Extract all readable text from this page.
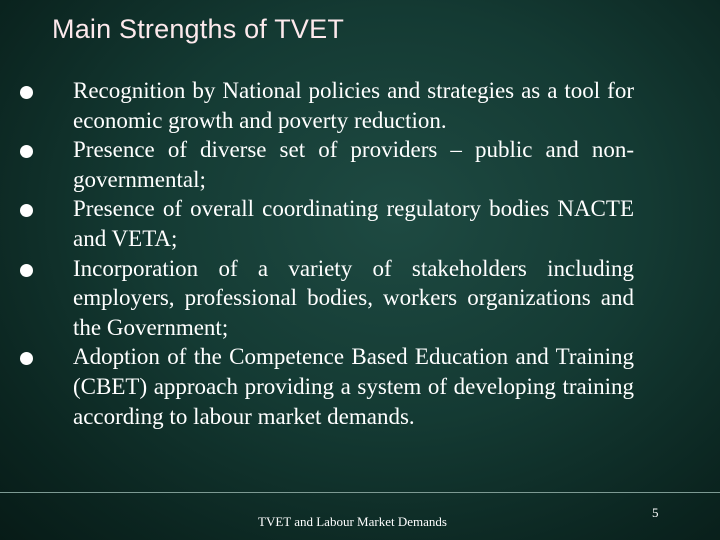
Main Strengths of TVET
Recognition by National policies and strategies as a tool for economic growth and poverty reduction.
Presence of diverse set of providers – public and non-governmental;
Presence of overall coordinating regulatory bodies NACTE and VETA;
Incorporation of a variety of stakeholders including employers, professional bodies, workers organizations and the Government;
Adoption of the Competence Based Education and Training (CBET) approach providing a system of developing training according to labour market demands.
TVET and Labour Market Demands
5
